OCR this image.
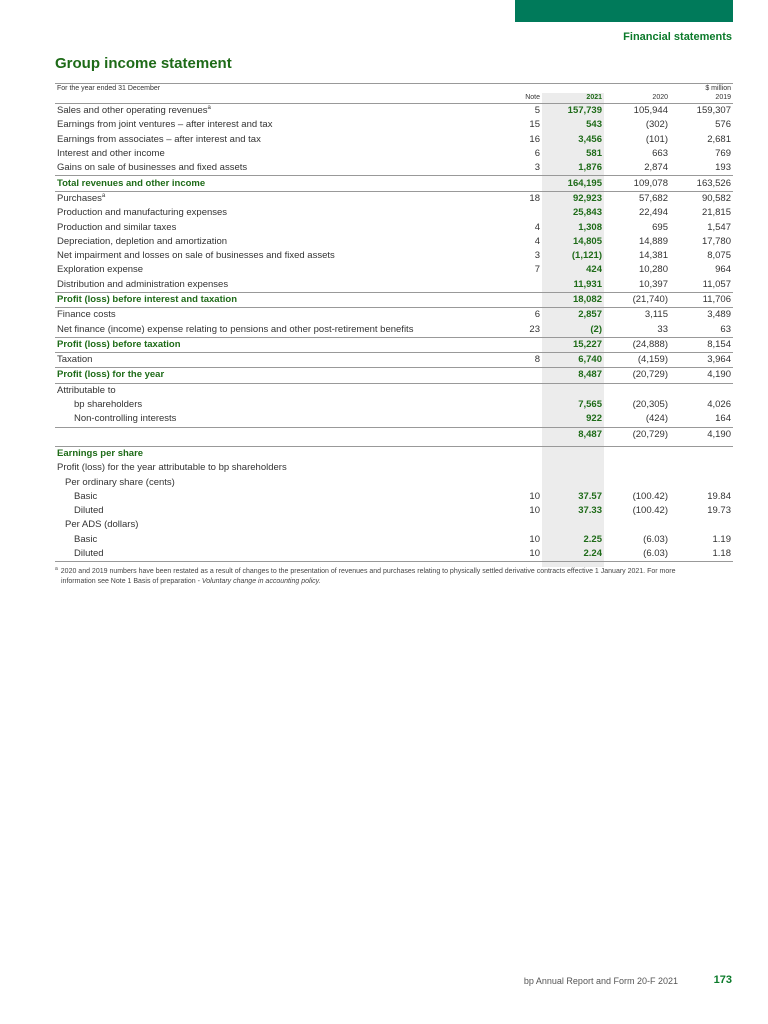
Financial statements
Group income statement
For the year ended 31 December				$ million
	Note	2021	2020	2019
Sales and other operating revenues$^a$	5	157,739	105,944	159,307
Earnings from joint ventures – after interest and tax	15	543	(302)	576
Earnings from associates – after interest and tax	16	3,456	(101)	2,681
Interest and other income	6	581	663	769
Gains on sale of businesses and fixed assets	3	1,876	2,874	193
Total revenues and other income		164,195	109,078	163,526
Purchases$^a$	18	92,923	57,682	90,582
Production and manufacturing expenses		25,843	22,494	21,815
Production and similar taxes	4	1,308	695	1,547
Depreciation, depletion and amortization	4	14,805	14,889	17,780
Net impairment and losses on sale of businesses and fixed assets	3	(1,121)	14,381	8,075
Exploration expense	7	424	10,280	964
Distribution and administration expenses		11,931	10,397	11,057
Profit (loss) before interest and taxation		18,082	(21,740)	11,706
Finance costs	6	2,857	3,115	3,489
Net finance (income) expense relating to pensions and other post-retirement benefits	23	(2)	33	63
Profit (loss) before taxation		15,227	(24,888)	8,154
Taxation	8	6,740	(4,159)	3,964
Profit (loss) for the year		8,487	(20,729)	4,190
Attributable to				
bp shareholders		7,565	(20,305)	4,026
Non-controlling interests		922	(424)	164
		8,487	(20,729)	4,190

Earnings per share				
Profit (loss) for the year attributable to bp shareholders				
Per ordinary share (cents)				
Basic	10	37.57	(100.42)	19.84
Diluted	10	37.33	(100.42)	19.73
Per ADS (dollars)				
Basic	10	2.25	(6.03)	1.19
Diluted	10	2.24	(6.03)	1.18
$^a$ 2020 and 2019 numbers have been restated as a result of changes to the presentation of revenues and purchases relating to physically settled derivative contracts effective 1 January 2021. For more
information see Note 1 Basis of preparation - Voluntary change in accounting policy.
bp Annual Report and Form 20-F 2021	173
